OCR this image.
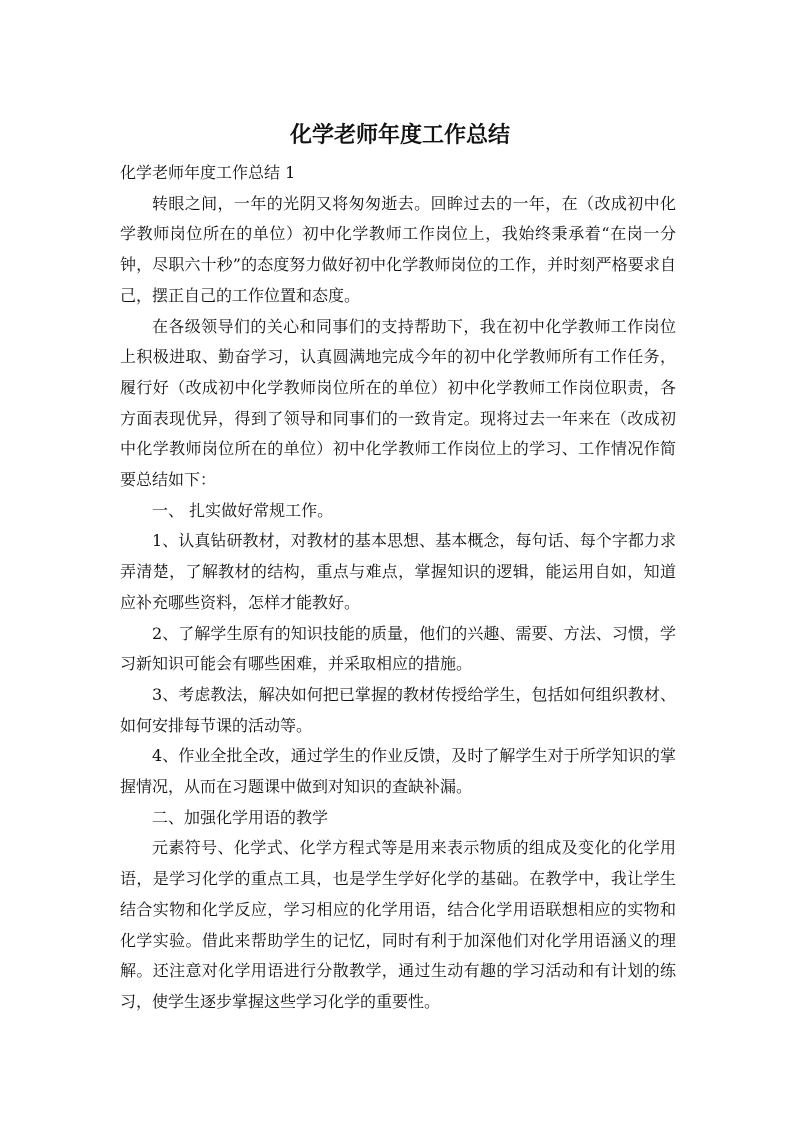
化学老师年度工作总结

化学老师年度工作总结 1

转眼之间，一年的光阴又将匆匆逝去。回眸过去的一年，在（改成初中化学教师岗位所在的单位）初中化学教师工作岗位上，我始终秉承着“在岗一分钟，尽职六十秒”的态度努力做好初中化学教师岗位的工作，并时刻严格要求自己，摆正自己的工作位置和态度。

在各级领导们的关心和同事们的支持帮助下，我在初中化学教师工作岗位上积极进取、勤奋学习，认真圆满地完成今年的初中化学教师所有工作任务，履行好（改成初中化学教师岗位所在的单位）初中化学教师工作岗位职责，各方面表现优异，得到了领导和同事们的一致肯定。现将过去一年来在（改成初中化学教师岗位所在的单位）初中化学教师工作岗位上的学习、工作情况作简要总结如下：

一、 扎实做好常规工作。

1、认真钻研教材，对教材的基本思想、基本概念，每句话、每个字都力求弄清楚，了解教材的结构，重点与难点，掌握知识的逻辑，能运用自如，知道应补充哪些资料，怎样才能教好。

2、了解学生原有的知识技能的质量，他们的兴趣、需要、方法、习惯，学习新知识可能会有哪些困难，并采取相应的措施。

3、考虑教法，解决如何把已掌握的教材传授给学生，包括如何组织教材、如何安排每节课的活动等。

4、作业全批全改，通过学生的作业反馈，及时了解学生对于所学知识的掌握情况，从而在习题课中做到对知识的查缺补漏。

二、加强化学用语的教学

元素符号、化学式、化学方程式等是用来表示物质的组成及变化的化学用语，是学习化学的重点工具，也是学生学好化学的基础。在教学中，我让学生结合实物和化学反应，学习相应的化学用语，结合化学用语联想相应的实物和化学实验。借此来帮助学生的记忆，同时有利于加深他们对化学用语涵义的理解。还注意对化学用语进行分散教学，通过生动有趣的学习活动和有计划的练习，使学生逐步掌握这些学习化学的重要性。
